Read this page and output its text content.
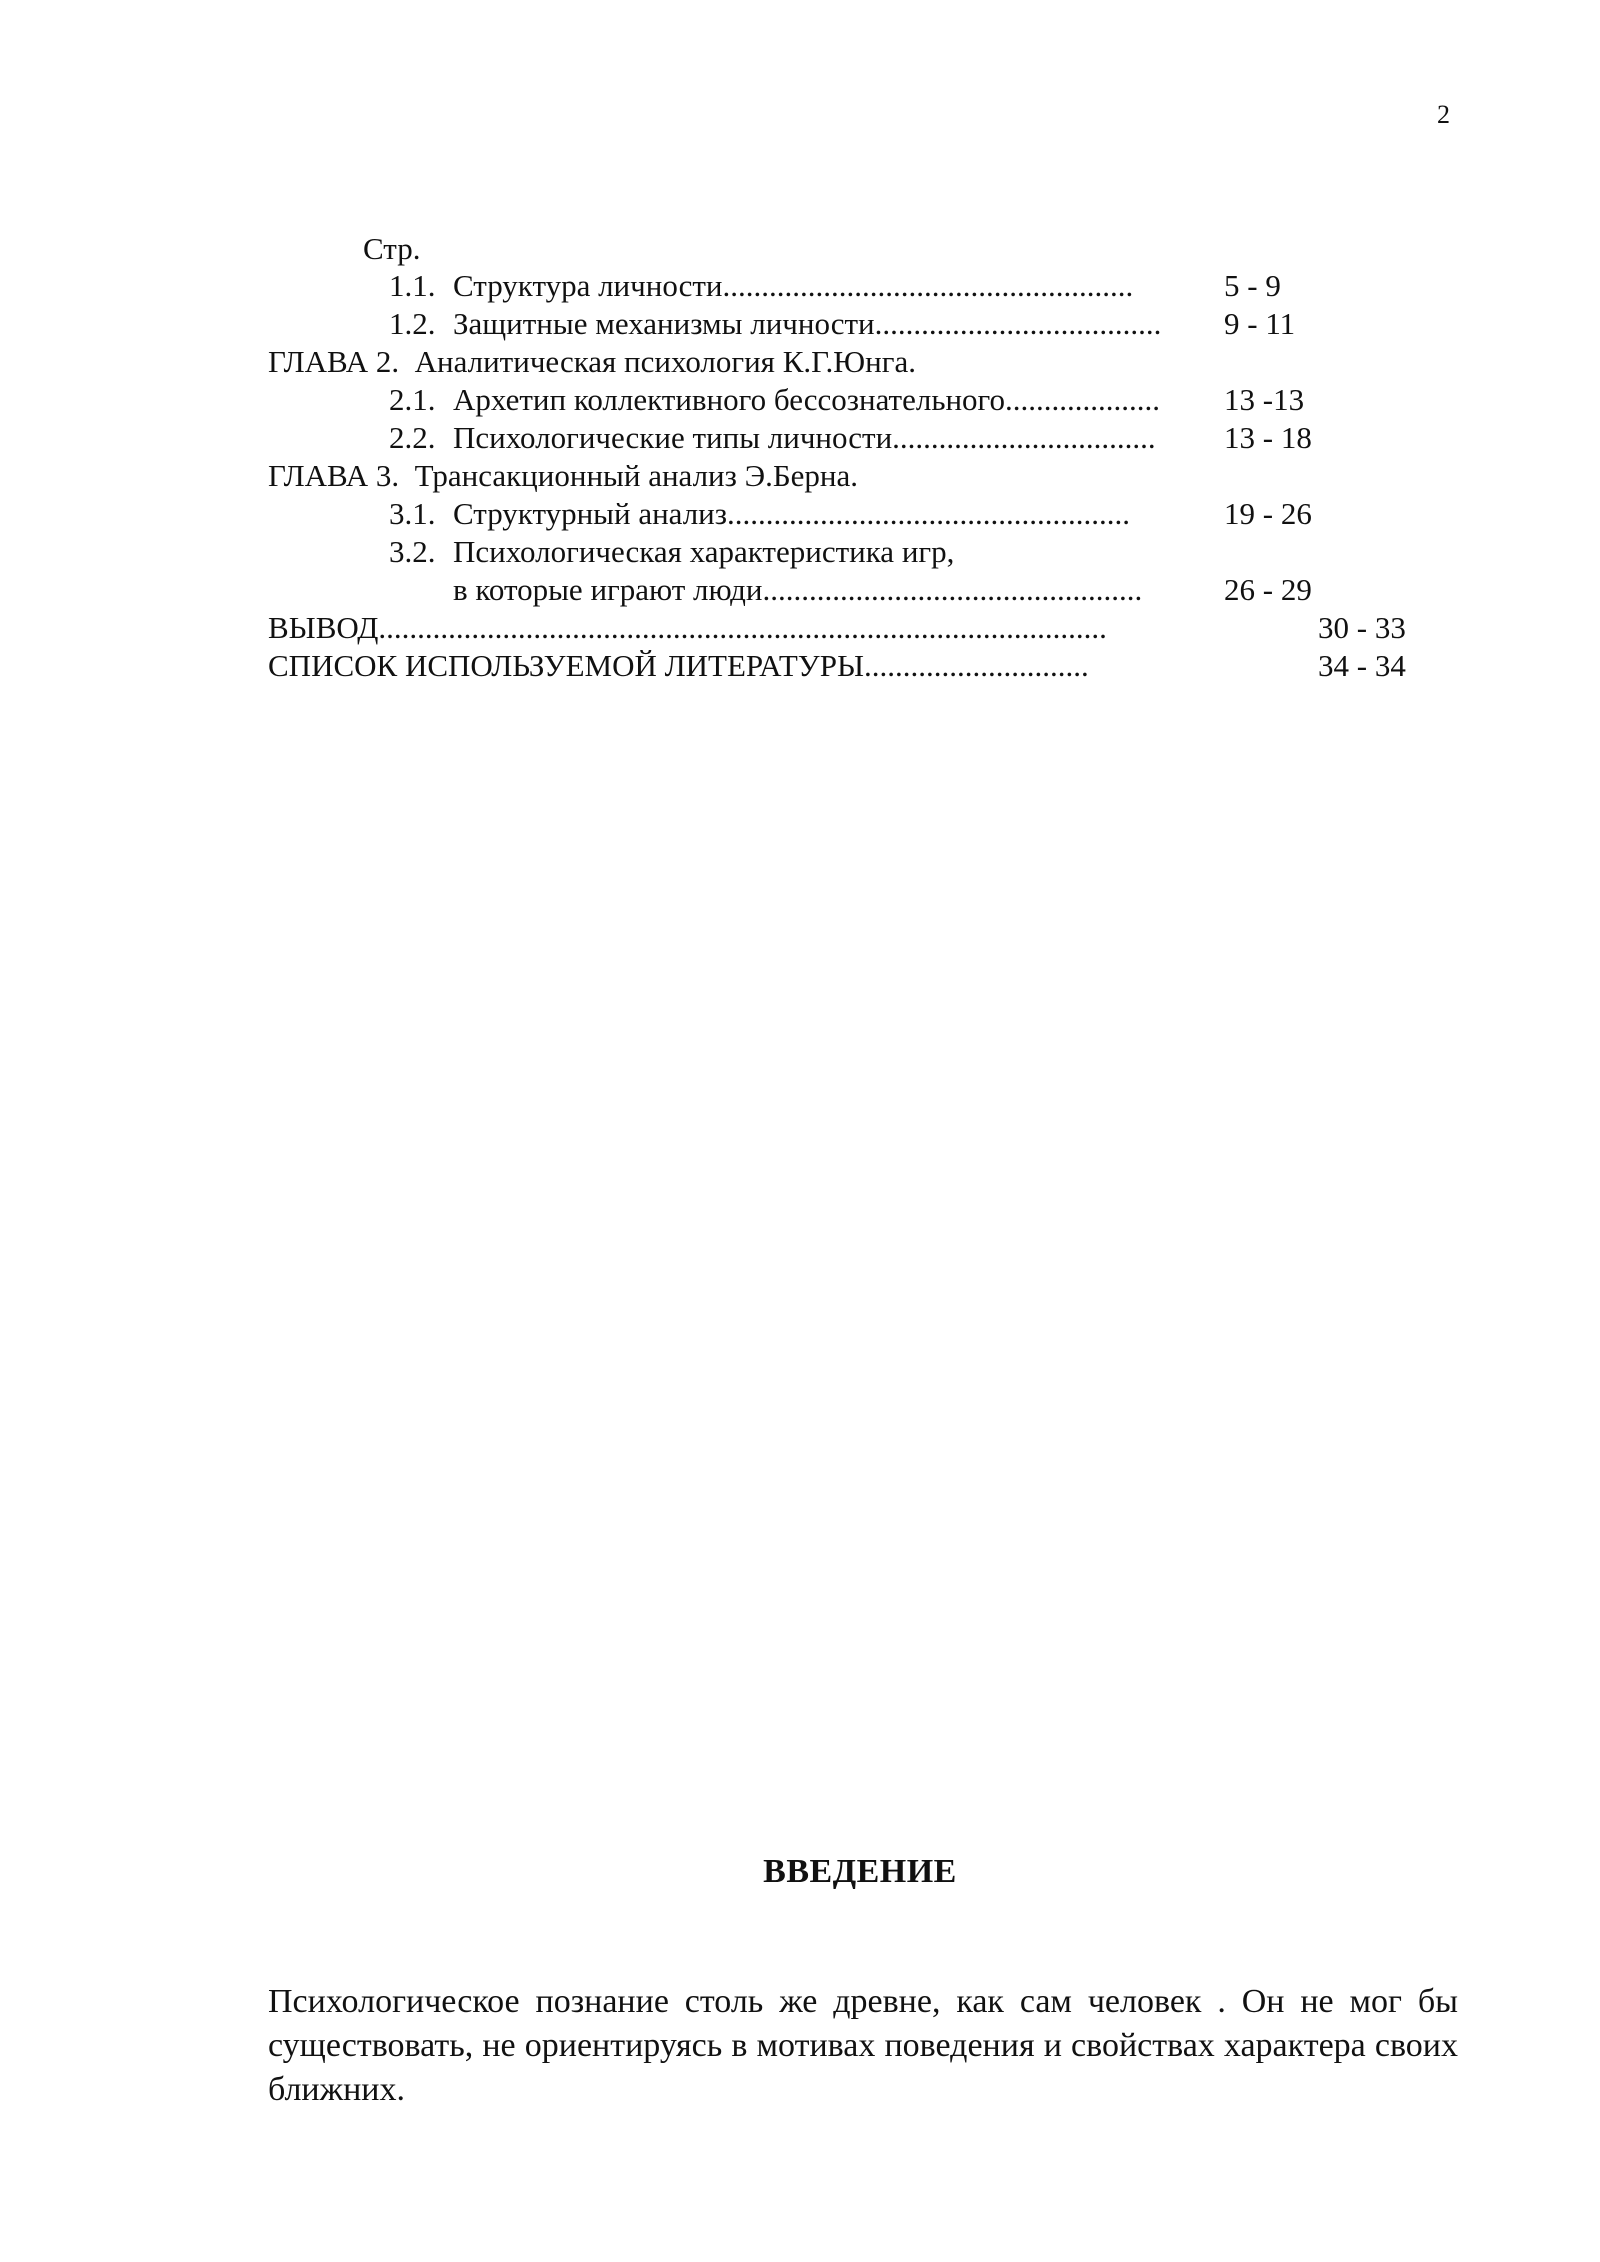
2
Стр.
1.1. Структура личности.....................................................	5 - 9
1.2. Защитные механизмы личности..................................... 9 - 11
ГЛАВА 2.  Аналитическая психология К.Г.Юнга.
2.1. Архетип коллективного бессознательного.................... 13 -13
2.2. Психологические типы личности.................................. 13 - 18
ГЛАВА 3.  Трансакционный анализ Э.Берна.
3.1. Структурный анализ....................................................	19 - 26
3.2. Психологическая характеристика игр,
в которые играют люди.................................................	26 - 29
ВЫВОД..............................................................................................	30 - 33
СПИСОК ИСПОЛЬЗУЕМОЙ ЛИТЕРАТУРЫ.............................	34 - 34
ВВЕДЕНИЕ
Психологическое познание столь же древне, как сам человек . Он не мог бы существовать, не ориентируясь в мотивах поведения и свойствах характера своих ближних.
